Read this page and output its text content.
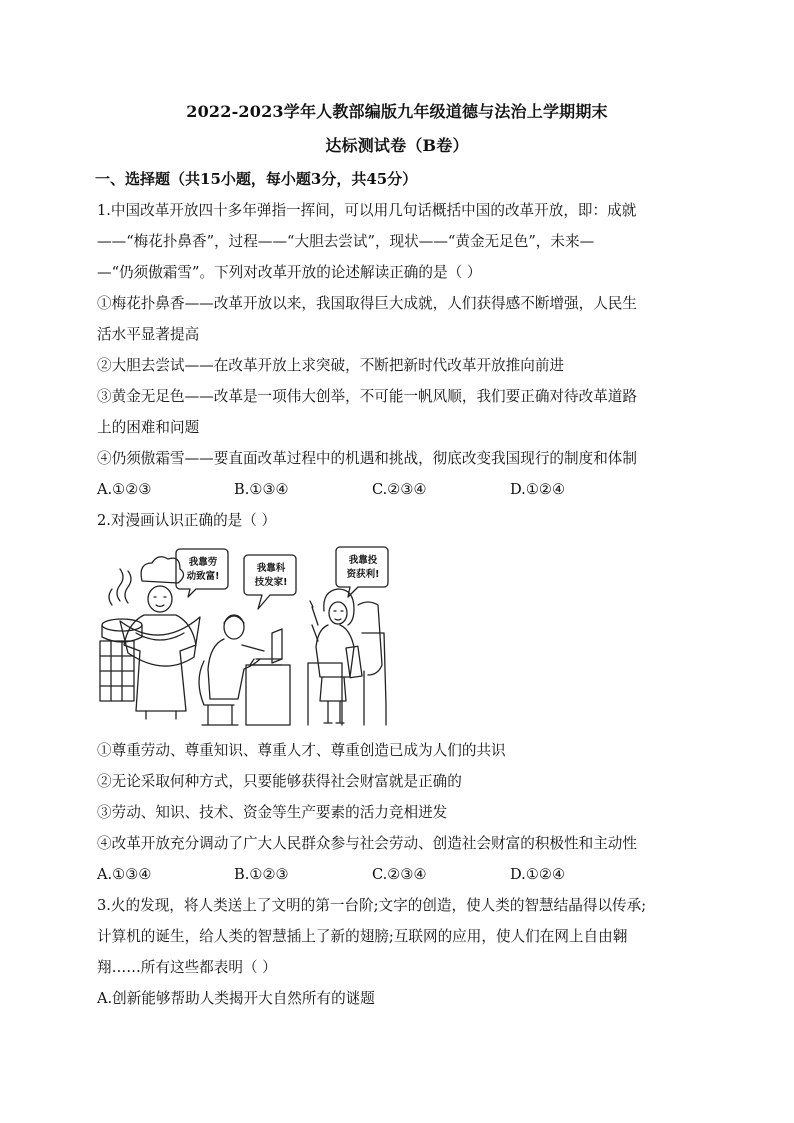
2022-2023学年人教部编版九年级道德与法治上学期期末
达标测试卷（B卷）
一、选择题（共15小题，每小题3分，共45分）
1.中国改革开放四十多年弹指一挥间，可以用几句话概括中国的改革开放，即：成就
——“梅花扑鼻香”，过程——“大胆去尝试”，现状——“黄金无足色”，未来—
—“仍须傲霜雪”。下列对改革开放的论述解读正确的是（ ）
①梅花扑鼻香——改革开放以来，我国取得巨大成就，人们获得感不断增强，人民生
活水平显著提高
②大胆去尝试——在改革开放上求突破，不断把新时代改革开放推向前进
③黄金无足色——改革是一项伟大创举，不可能一帆风顺，我们要正确对待改革道路
上的困难和问题
④仍须傲霜雪——要直面改革过程中的机遇和挑战，彻底改变我国现行的制度和体制
A.①②③	B.①③④	C.②③④	D.①②④
2.对漫画认识正确的是（ ）
我靠劳
动致富!
我靠科
技发家!
我靠投
资获利!
①尊重劳动、尊重知识、尊重人才、尊重创造已成为人们的共识
②无论采取何种方式，只要能够获得社会财富就是正确的
③劳动、知识、技术、资金等生产要素的活力竞相迸发
④改革开放充分调动了广大人民群众参与社会劳动、创造社会财富的积极性和主动性
A.①③④	B.①②③	C.②③④	D.①②④
3.火的发现，将人类送上了文明的第一台阶;文字的创造，使人类的智慧结晶得以传承;
计算机的诞生，给人类的智慧插上了新的翅膀;互联网的应用，使人们在网上自由翱
翔……所有这些都表明（ ）
A.创新能够帮助人类揭开大自然所有的谜题
